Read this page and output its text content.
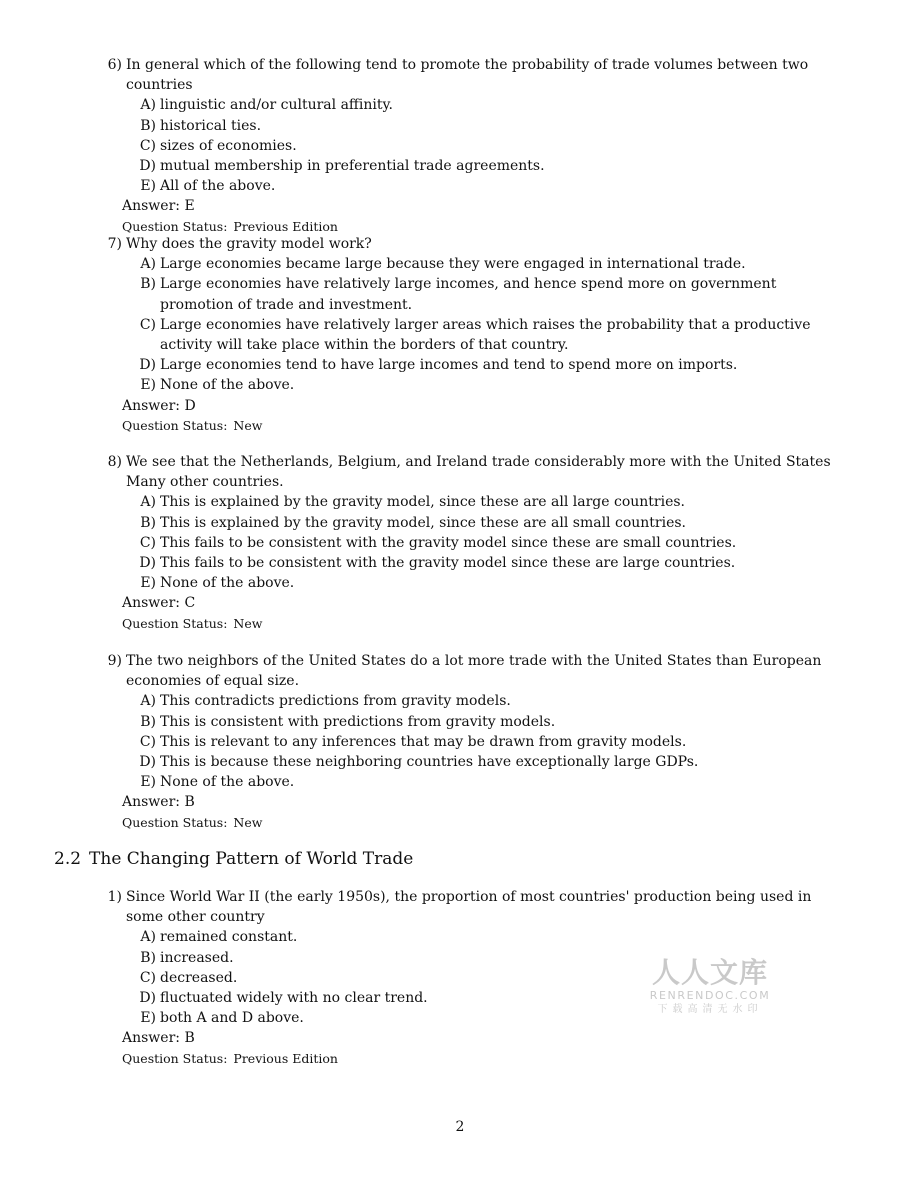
6) In general which of the following tend to promote the probability of trade volumes between two countries
A) linguistic and/or cultural affinity.
B) historical ties.
C) sizes of economies.
D) mutual membership in preferential trade agreements.
E) All of the above.
Answer: E
Question Status: Previous Edition
7) Why does the gravity model work?
A) Large economies became large because they were engaged in international trade.
B) Large economies have relatively large incomes, and hence spend more on government promotion of trade and investment.
C) Large economies have relatively larger areas which raises the probability that a productive activity will take place within the borders of that country.
D) Large economies tend to have large incomes and tend to spend more on imports.
E) None of the above.
Answer: D
Question Status: New
8) We see that the Netherlands, Belgium, and Ireland trade considerably more with the United States Many other countries.
A) This is explained by the gravity model, since these are all large countries.
B) This is explained by the gravity model, since these are all small countries.
C) This fails to be consistent with the gravity model since these are small countries.
D) This fails to be consistent with the gravity model since these are large countries.
E) None of the above.
Answer: C
Question Status: New
9) The two neighbors of the United States do a lot more trade with the United States than European economies of equal size.
A) This contradicts predictions from gravity models.
B) This is consistent with predictions from gravity models.
C) This is relevant to any inferences that may be drawn from gravity models.
D) This is because these neighboring countries have exceptionally large GDPs.
E) None of the above.
Answer: B
Question Status: New
2.2 The Changing Pattern of World Trade
1) Since World War II (the early 1950s), the proportion of most countries' production being used in some other country
A) remained constant.
B) increased.
C) decreased.
D) fluctuated widely with no clear trend.
E) both A and D above.
Answer: B
Question Status: Previous Edition
人人文库
RENRENDOC.COM
下载高清无水印
2
